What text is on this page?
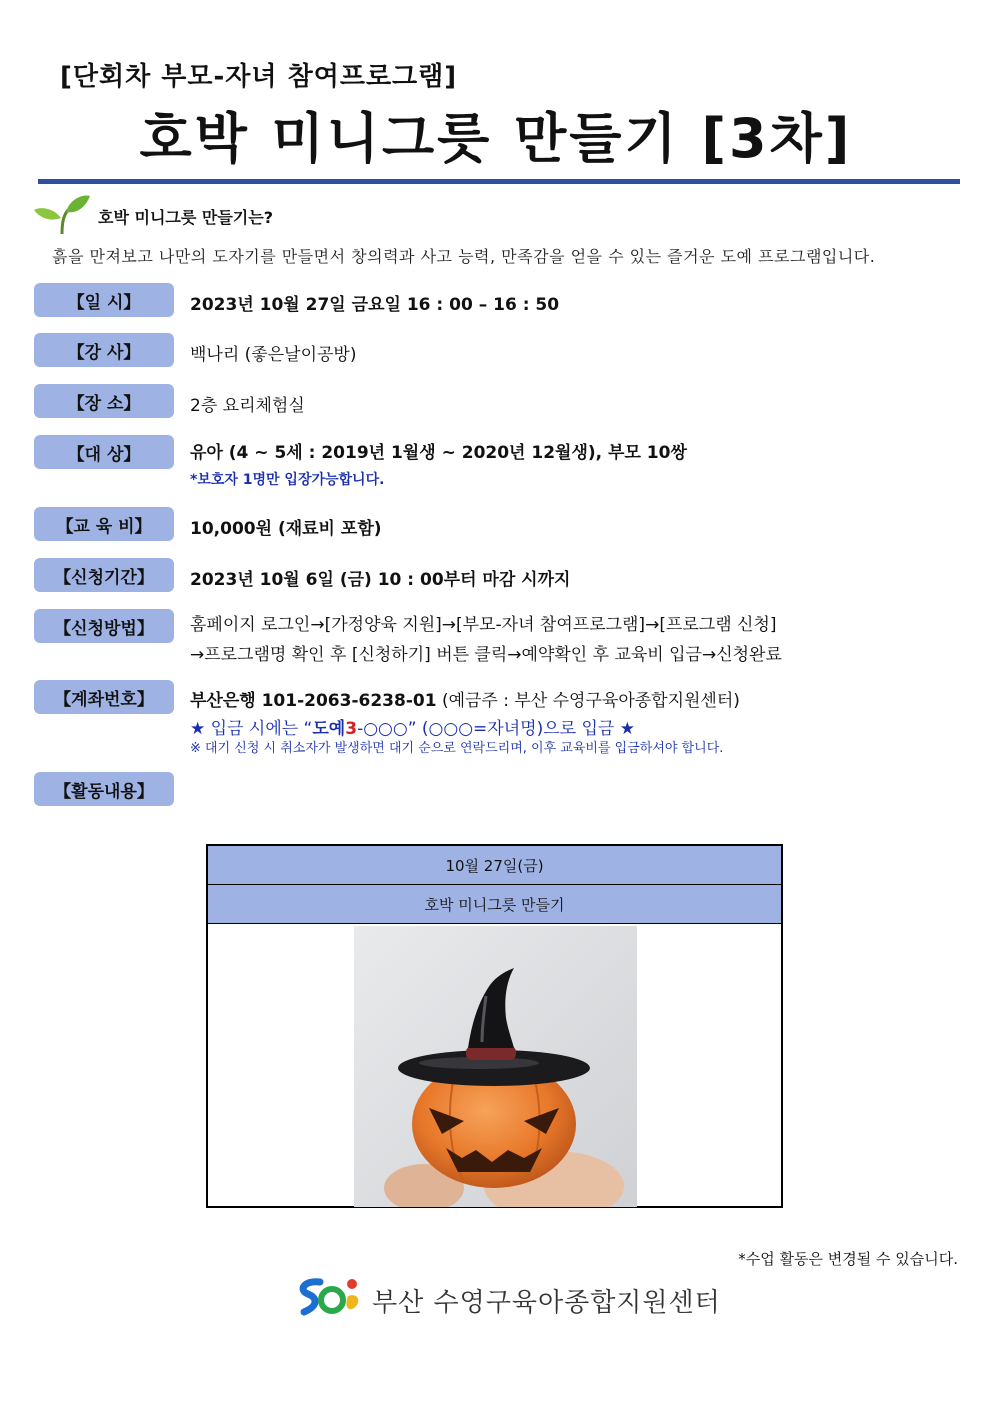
[단회차 부모-자녀 참여프로그램]
호박 미니그릇 만들기 [3차]
호박 미니그릇 만들기는?
흙을 만져보고 나만의 도자기를 만들면서 창의력과 사고 능력, 만족감을 얻을 수 있는 즐거운 도예 프로그램입니다.
【일 시】	2023년 10월 27일 금요일 16 : 00 – 16 : 50
【강 사】	백나리 (좋은날이공방)
【장 소】	2층 요리체험실
【대 상】	유아 (4 ~ 5세 : 2019년 1월생 ~ 2020년 12월생), 부모 10쌍
*보호자 1명만 입장가능합니다.
【교 육 비】	10,000원 (재료비 포함)
【신청기간】	2023년 10월 6일 (금) 10 : 00부터 마감 시까지
【신청방법】	홈페이지 로그인→[가정양육 지원]→[부모-자녀 참여프로그램]→[프로그램 신청]
→프로그램명 확인 후 [신청하기] 버튼 클릭→예약확인 후 교육비 입금→신청완료
【계좌번호】	부산은행 101-2063-6238-01 (예금주 : 부산 수영구육아종합지원센터)
★ 입금 시에는 “도예3-○○○” (○○○=자녀명)으로 입금 ★
※ 대기 신청 시 취소자가 발생하면 대기 순으로 연락드리며, 이후 교육비를 입금하셔야 합니다.
【활동내용】
10월 27일(금)
호박 미니그릇 만들기
*수업 활동은 변경될 수 있습니다.
부산 수영구육아종합지원센터
